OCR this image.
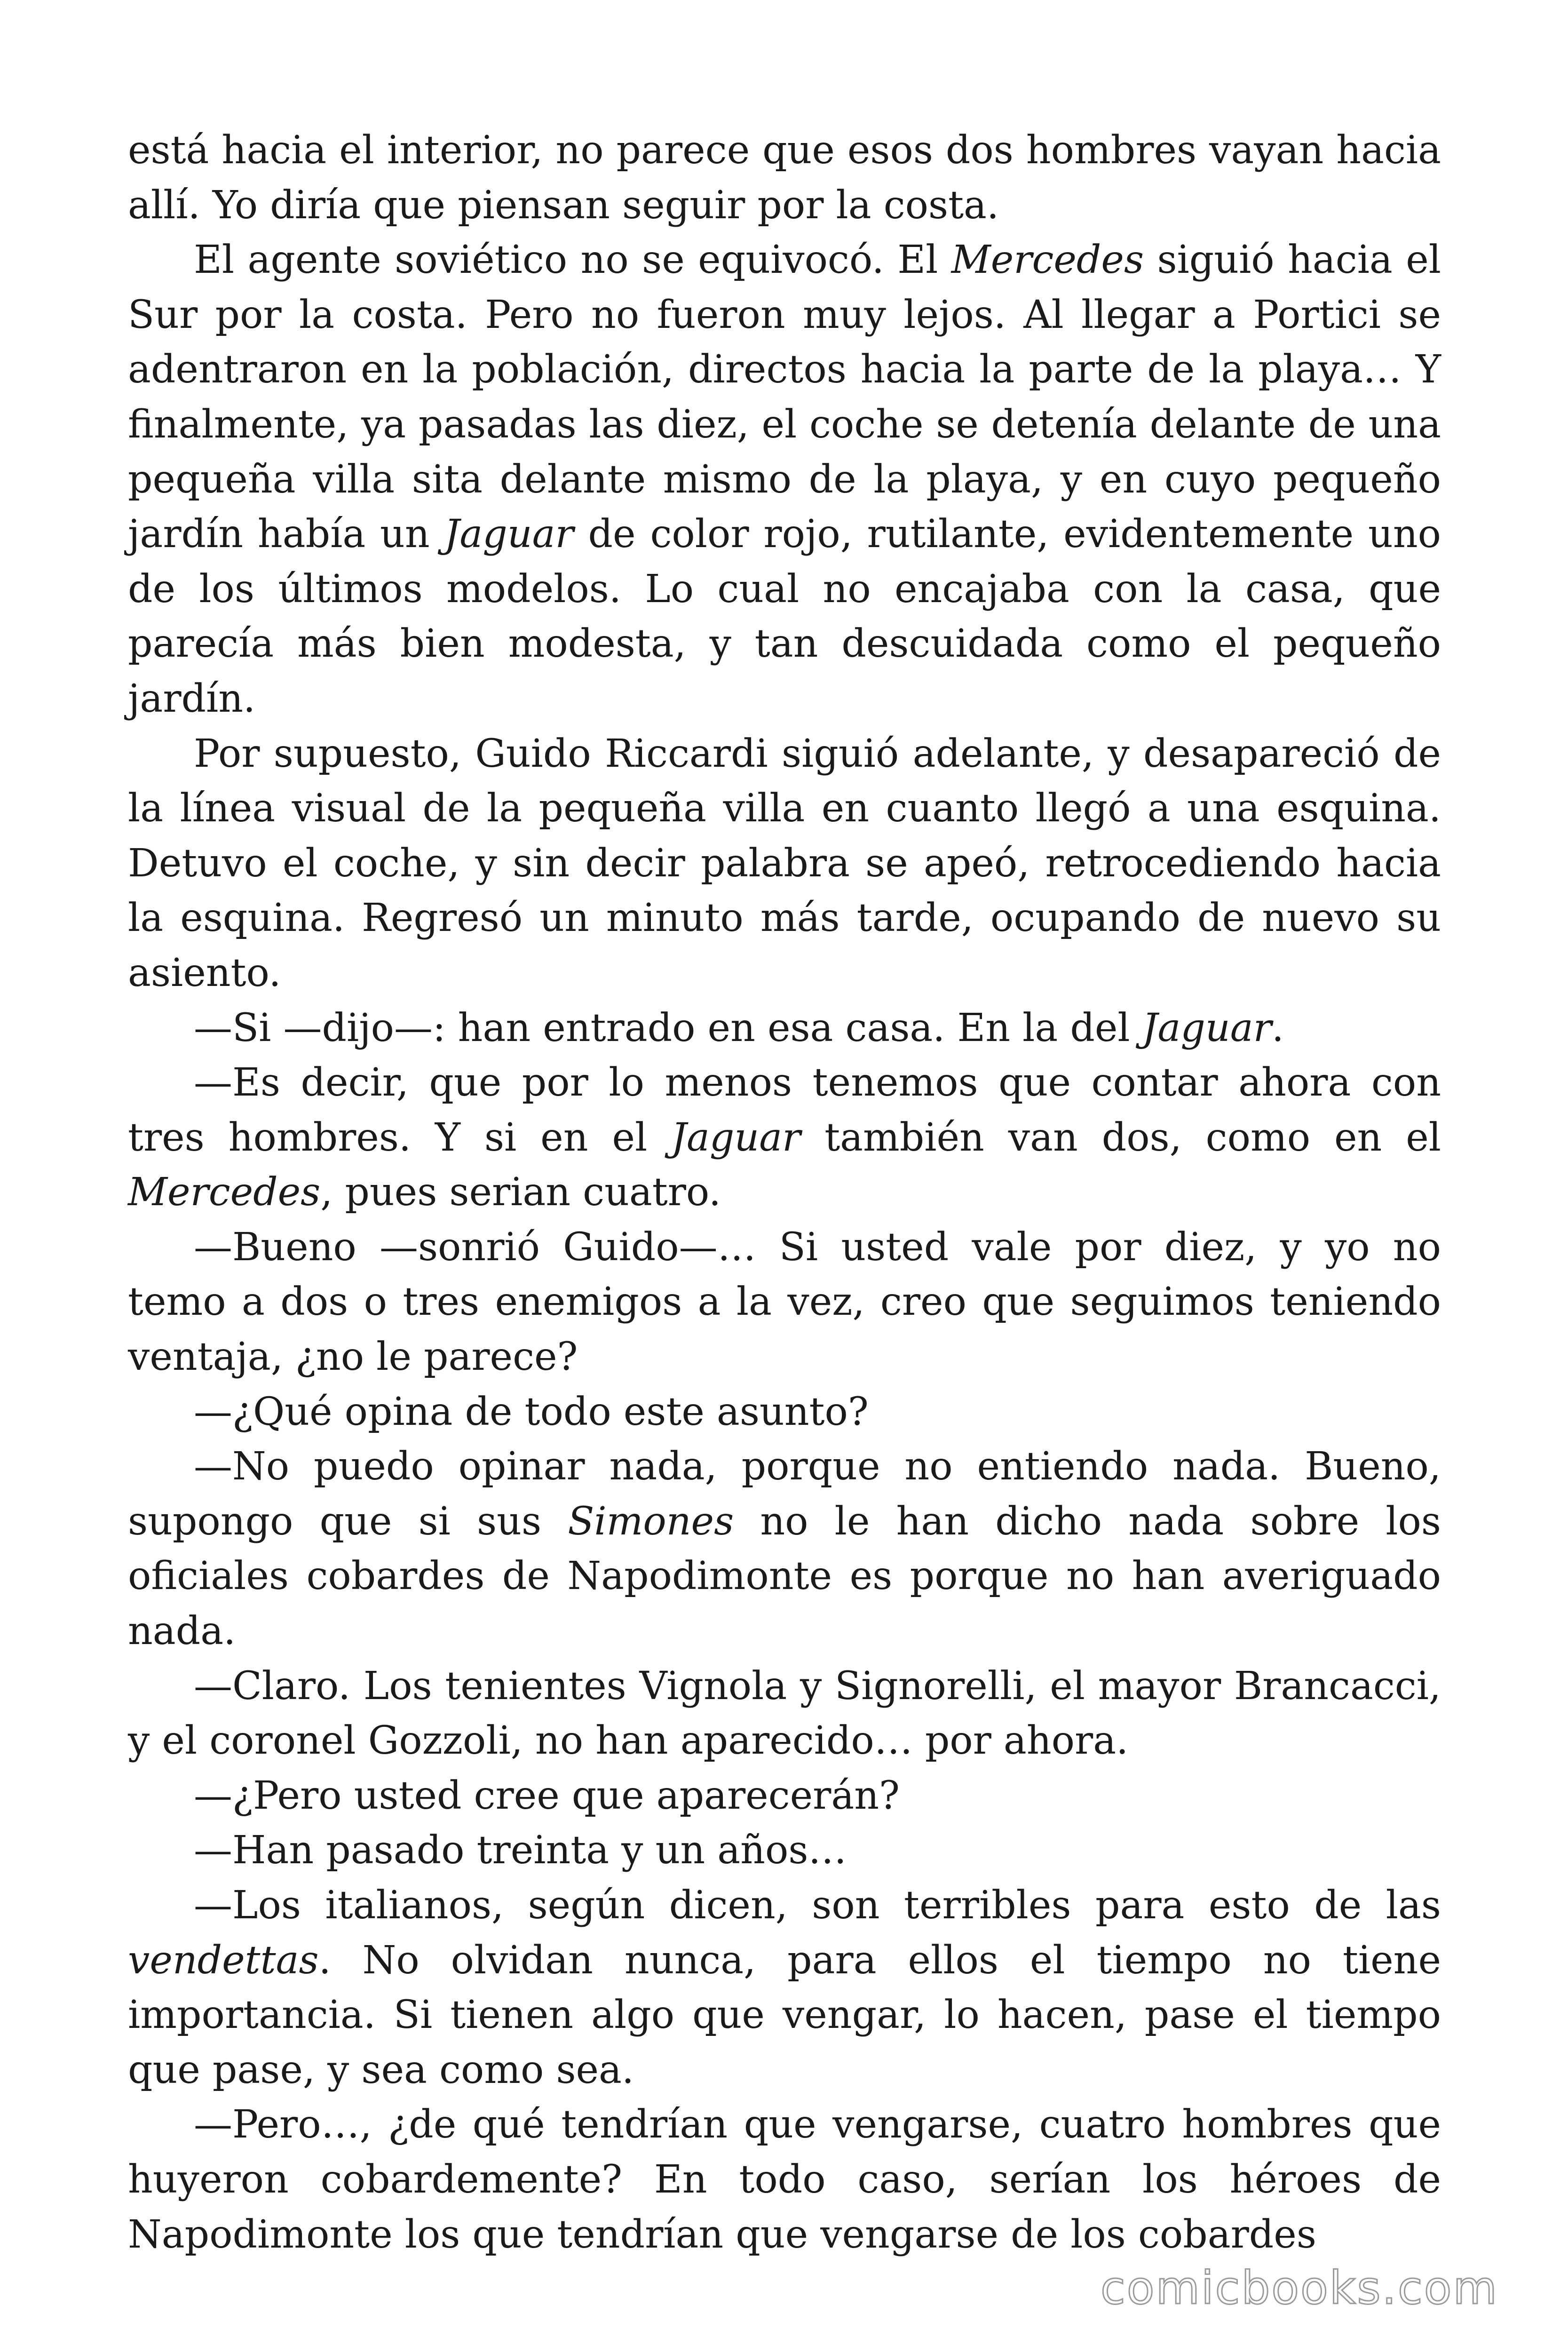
está hacia el interior, no parece que esos dos hombres vayan hacia allí. Yo diría que piensan seguir por la costa.

El agente soviético no se equivocó. El Mercedes siguió hacia el Sur por la costa. Pero no fueron muy lejos. Al llegar a Portici se adentraron en la población, directos hacia la parte de la playa… Y finalmente, ya pasadas las diez, el coche se detenía delante de una pequeña villa sita delante mismo de la playa, y en cuyo pequeño jardín había un Jaguar de color rojo, rutilante, evidentemente uno de los últimos modelos. Lo cual no encajaba con la casa, que parecía más bien modesta, y tan descuidada como el pequeño jardín.

Por supuesto, Guido Riccardi siguió adelante, y desapareció de la línea visual de la pequeña villa en cuanto llegó a una esquina. Detuvo el coche, y sin decir palabra se apeó, retrocediendo hacia la esquina. Regresó un minuto más tarde, ocupando de nuevo su asiento.

—Si —dijo—: han entrado en esa casa. En la del Jaguar.

—Es decir, que por lo menos tenemos que contar ahora con tres hombres. Y si en el Jaguar también van dos, como en el Mercedes, pues serian cuatro.

—Bueno —sonrió Guido—… Si usted vale por diez, y yo no temo a dos o tres enemigos a la vez, creo que seguimos teniendo ventaja, ¿no le parece?

—¿Qué opina de todo este asunto?

—No puedo opinar nada, porque no entiendo nada. Bueno, supongo que si sus Simones no le han dicho nada sobre los oficiales cobardes de Napodimonte es porque no han averiguado nada.

—Claro. Los tenientes Vignola y Signorelli, el mayor Brancacci, y el coronel Gozzoli, no han aparecido… por ahora.

—¿Pero usted cree que aparecerán?

—Han pasado treinta y un años…

—Los italianos, según dicen, son terribles para esto de las vendettas. No olvidan nunca, para ellos el tiempo no tiene importancia. Si tienen algo que vengar, lo hacen, pase el tiempo que pase, y sea como sea.

—Pero…, ¿de qué tendrían que vengarse, cuatro hombres que huyeron cobardemente? En todo caso, serían los héroes de Napodimonte los que tendrían que vengarse de los cobardes

comicbooks.com
